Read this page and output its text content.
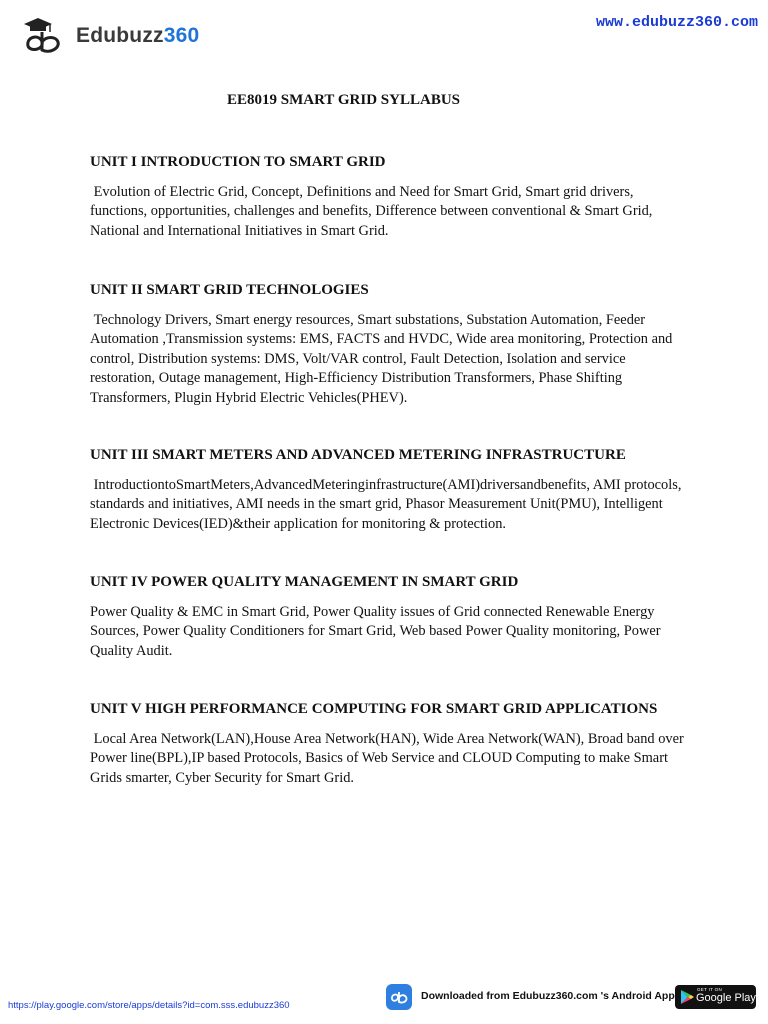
Edubuzz360
www.edubuzz360.com
EE8019 SMART GRID SYLLABUS
UNIT I INTRODUCTION TO SMART GRID

Evolution of Electric Grid, Concept, Definitions and Need for Smart Grid, Smart grid drivers, functions, opportunities, challenges and benefits, Difference between conventional & Smart Grid, National and International Initiatives in Smart Grid.

UNIT II SMART GRID TECHNOLOGIES

Technology Drivers, Smart energy resources, Smart substations, Substation Automation, Feeder Automation ,Transmission systems: EMS, FACTS and HVDC, Wide area monitoring, Protection and control, Distribution systems: DMS, Volt/VAR control, Fault Detection, Isolation and service restoration, Outage management, High-Efficiency Distribution Transformers, Phase Shifting Transformers, Plugin Hybrid Electric Vehicles(PHEV).

UNIT III SMART METERS AND ADVANCED METERING INFRASTRUCTURE

IntroductiontoSmartMeters,AdvancedMeteringinfrastructure(AMI)driversandbenefits, AMI protocols, standards and initiatives, AMI needs in the smart grid, Phasor Measurement Unit(PMU), Intelligent Electronic Devices(IED)&their application for monitoring & protection.

UNIT IV POWER QUALITY MANAGEMENT IN SMART GRID

Power Quality & EMC in Smart Grid, Power Quality issues of Grid connected Renewable Energy Sources, Power Quality Conditioners for Smart Grid, Web based Power Quality monitoring, Power Quality Audit.

UNIT V HIGH PERFORMANCE COMPUTING FOR SMART GRID APPLICATIONS

Local Area Network(LAN),House Area Network(HAN), Wide Area Network(WAN), Broad band over Power line(BPL),IP based Protocols, Basics of Web Service and CLOUD Computing to make Smart Grids smarter, Cyber Security for Smart Grid.

https://play.google.com/store/apps/details?id=com.sss.edubuzz360
Downloaded from Edubuzz360.com 's Android App
GET IT ON
Google Play
